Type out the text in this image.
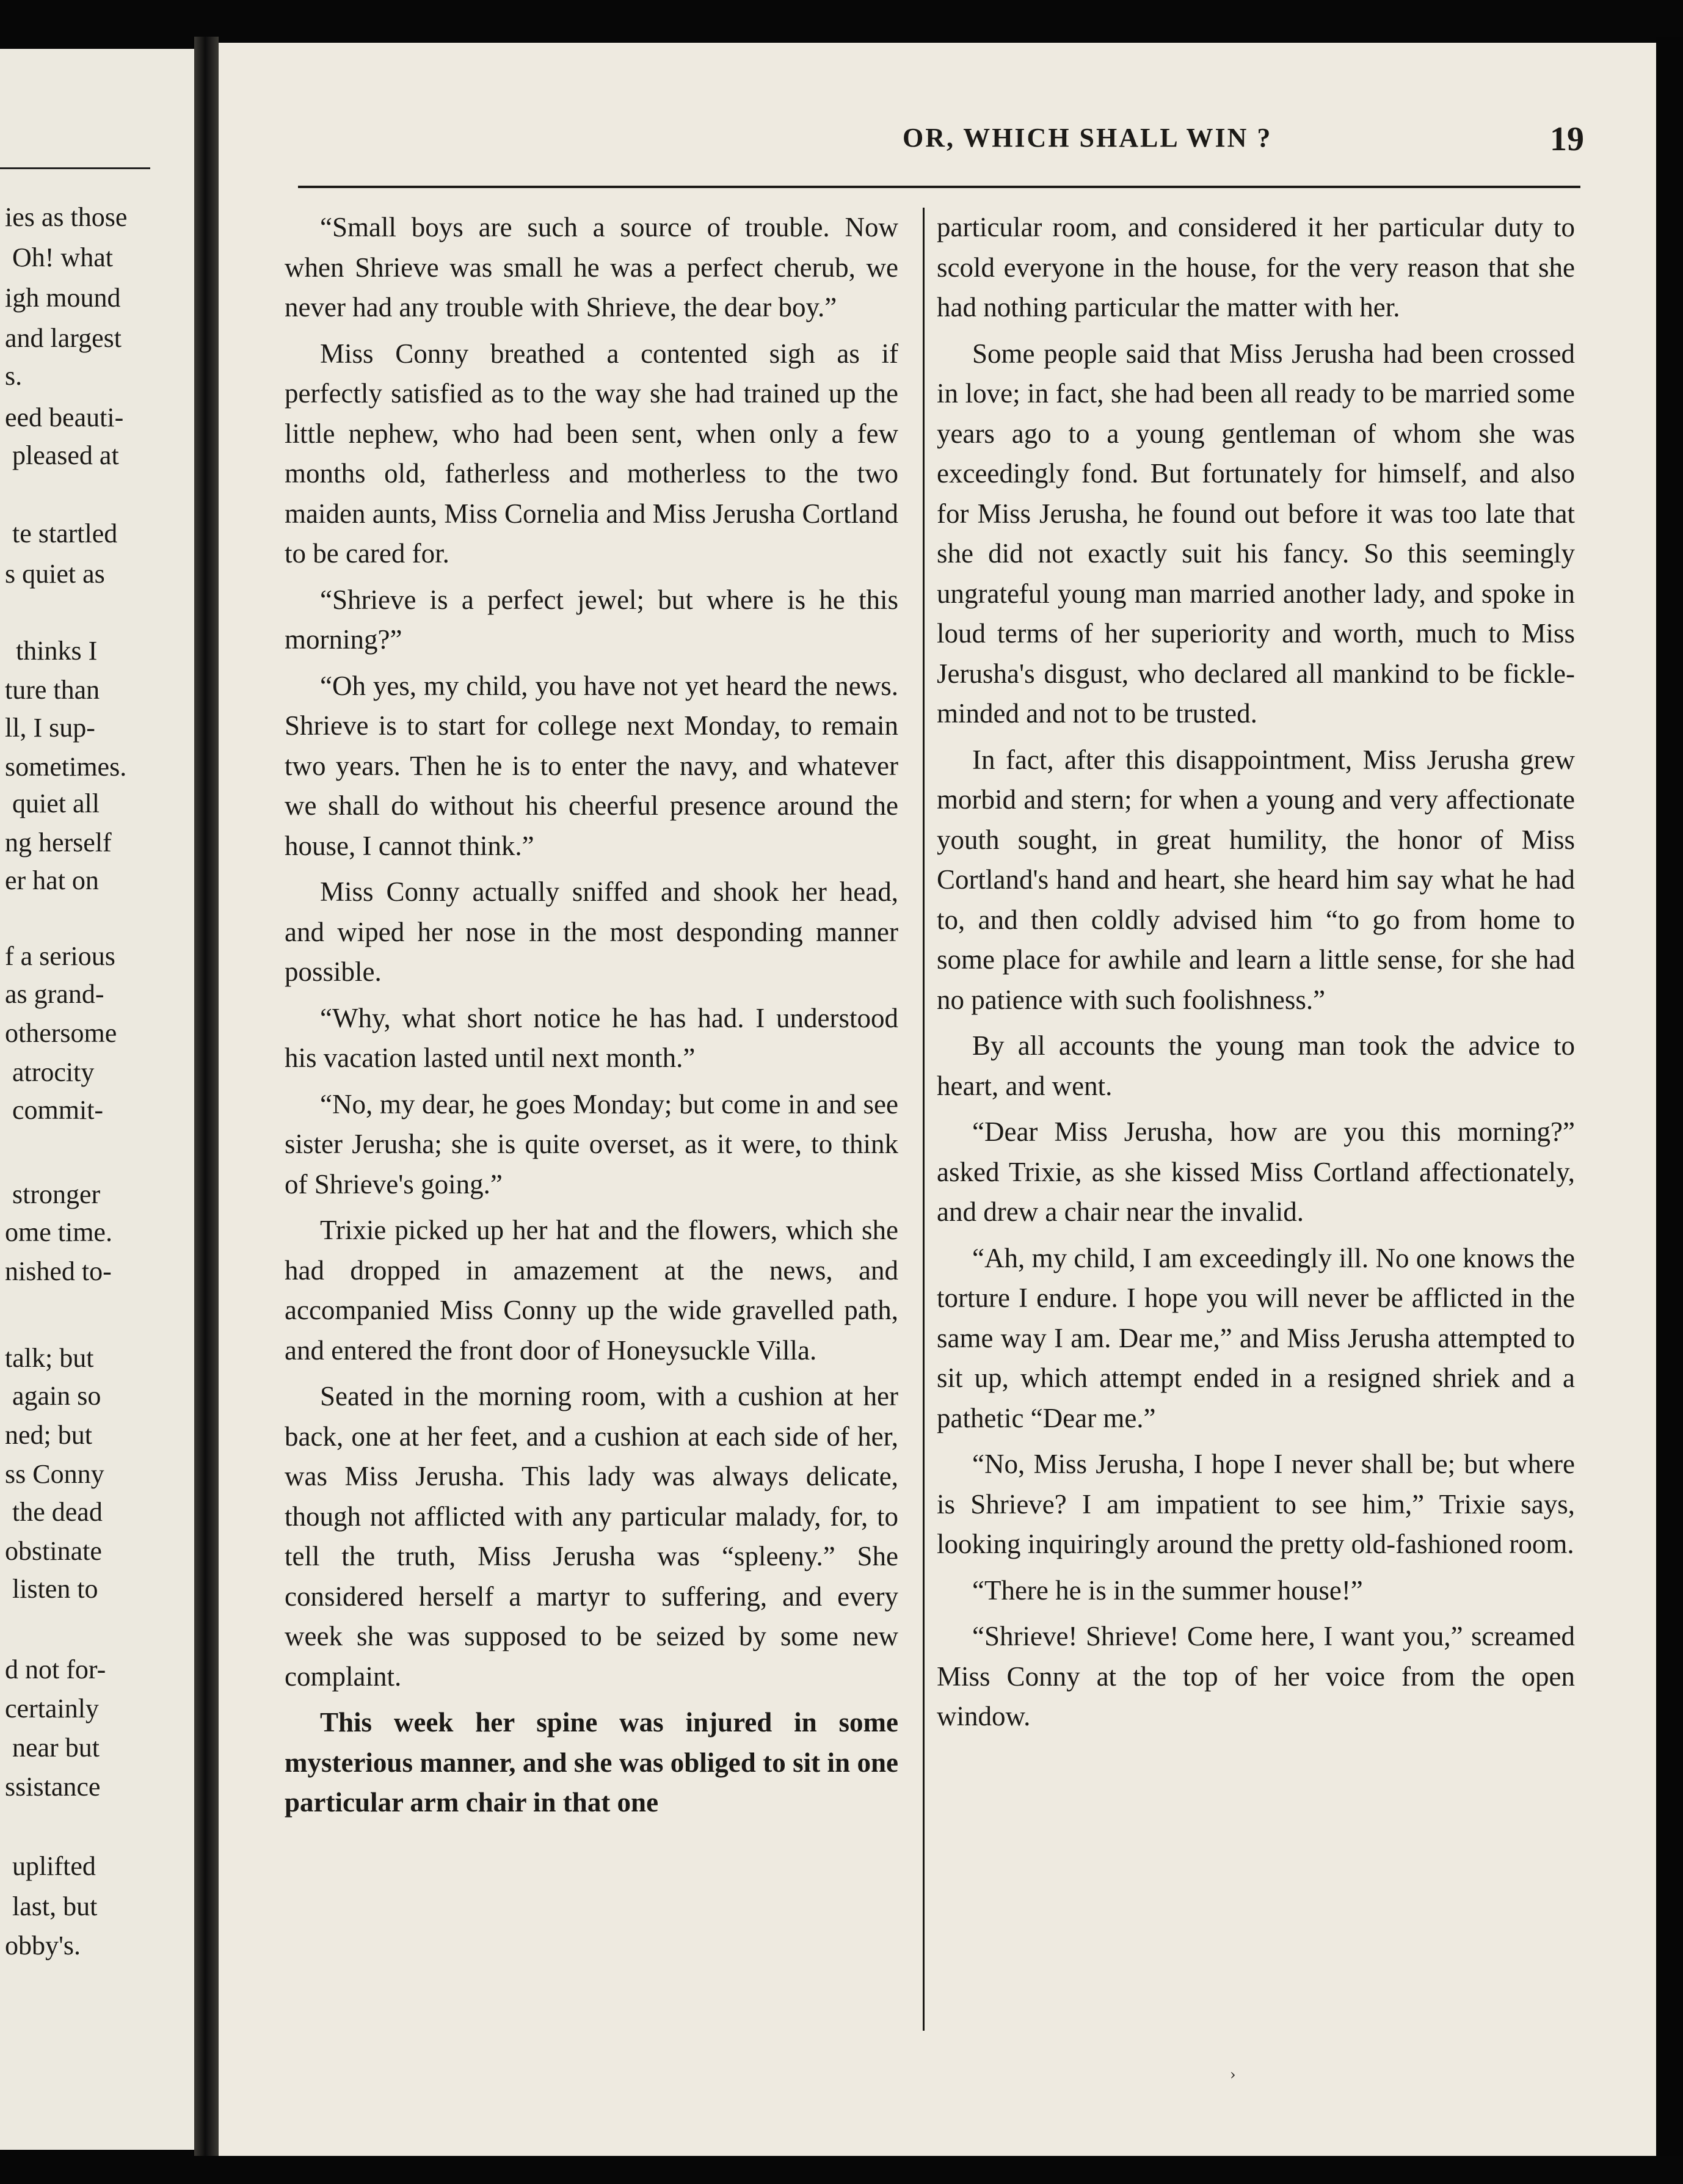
ies as those
Oh! what
igh mound
and largest
s.
eed beauti-
pleased at
te startled
s quiet as
thinks I
ture than
ll, I sup-
sometimes.
quiet all
ng herself
er hat on
f a serious
as grand-
othersome
atrocity
commit-
stronger
ome time.
nished to-
talk; but
again so
ned; but
ss Conny
the dead
obstinate
listen to
d not for-
certainly
near but
ssistance
uplifted
last, but
obby's.
OR, WHICH SHALL WIN ?	19

“Small boys are such a source of trouble. Now when Shrieve was small he was a perfect cherub, we never had any trouble with Shrieve, the dear boy.”

Miss Conny breathed a contented sigh as if perfectly satisfied as to the way she had trained up the little nephew, who had been sent, when only a few months old, fatherless and motherless to the two maiden aunts, Miss Cornelia and Miss Jerusha Cortland to be cared for.

“Shrieve is a perfect jewel; but where is he this morning?”

“Oh yes, my child, you have not yet heard the news. Shrieve is to start for college next Monday, to remain two years. Then he is to enter the navy, and whatever we shall do without his cheerful presence around the house, I cannot think.”

Miss Conny actually sniffed and shook her head, and wiped her nose in the most desponding manner possible.

“Why, what short notice he has had. I understood his vacation lasted until next month.”

“No, my dear, he goes Monday; but come in and see sister Jerusha; she is quite overset, as it were, to think of Shrieve's going.”

Trixie picked up her hat and the flowers, which she had dropped in amazement at the news, and accompanied Miss Conny up the wide gravelled path, and entered the front door of Honeysuckle Villa.

Seated in the morning room, with a cushion at her back, one at her feet, and a cushion at each side of her, was Miss Jerusha. This lady was always delicate, though not afflicted with any particular malady, for, to tell the truth, Miss Jerusha was “spleeny.” She considered herself a martyr to suffering, and every week she was supposed to be seized by some new complaint.

This week her spine was injured in some mysterious manner, and she was obliged to sit in one particular arm chair in that one

particular room, and considered it her particular duty to scold everyone in the house, for the very reason that she had nothing particular the matter with her.

Some people said that Miss Jerusha had been crossed in love; in fact, she had been all ready to be married some years ago to a young gentleman of whom she was exceedingly fond. But fortunately for himself, and also for Miss Jerusha, he found out before it was too late that she did not exactly suit his fancy. So this seemingly ungrateful young man married another lady, and spoke in loud terms of her superiority and worth, much to Miss Jerusha's disgust, who declared all mankind to be fickle-minded and not to be trusted.

In fact, after this disappointment, Miss Jerusha grew morbid and stern; for when a young and very affectionate youth sought, in great humility, the honor of Miss Cortland's hand and heart, she heard him say what he had to, and then coldly advised him “to go from home to some place for awhile and learn a little sense, for she had no patience with such foolishness.”

By all accounts the young man took the advice to heart, and went.

“Dear Miss Jerusha, how are you this morning?” asked Trixie, as she kissed Miss Cortland affectionately, and drew a chair near the invalid.

“Ah, my child, I am exceedingly ill. No one knows the torture I endure. I hope you will never be afflicted in the same way I am. Dear me,” and Miss Jerusha attempted to sit up, which attempt ended in a resigned shriek and a pathetic “Dear me.”

“No, Miss Jerusha, I hope I never shall be; but where is Shrieve? I am impatient to see him,” Trixie says, looking inquiringly around the pretty old-fashioned room.

“There he is in the summer house!”

“Shrieve! Shrieve! Come here, I want you,” screamed Miss Conny at the top of her voice from the open window.

›
